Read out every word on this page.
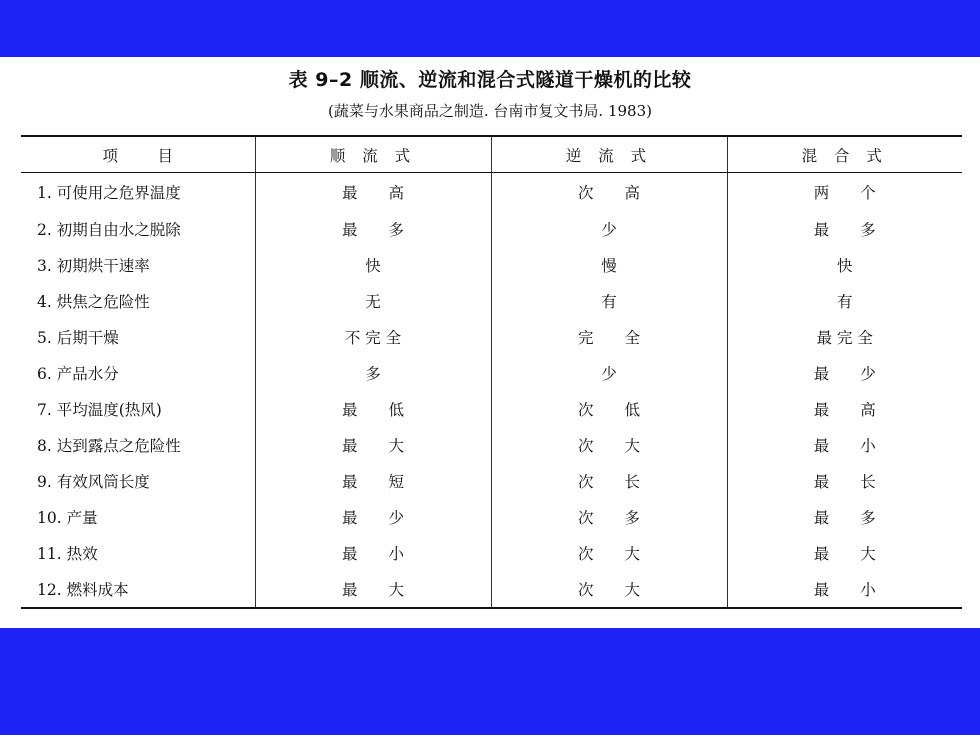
表 9–2 顺流、逆流和混合式隧道干燥机的比较
(蔬菜与水果商品之制造. 台南市复文书局. 1983)
项        目	顺 流 式	逆 流 式	混 合 式
1. 可使用之危界温度	最　　高	次　　高	两　　个
2. 初期自由水之脱除	最　　多	少	最　　多
3. 初期烘干速率	快	慢	快
4. 烘焦之危险性	无	有	有
5. 后期干燥	不 完 全	完　　全	最 完 全
6. 产品水分	多	少	最　　少
7. 平均温度(热风)	最　　低	次　　低	最　　高
8. 达到露点之危险性	最　　大	次　　大	最　　小
9. 有效风筒长度	最　　短	次　　长	最　　长
10. 产量	最　　少	次　　多	最　　多
11. 热效	最　　小	次　　大	最　　大
12. 燃料成本	最　　大	次　　大	最　　小
